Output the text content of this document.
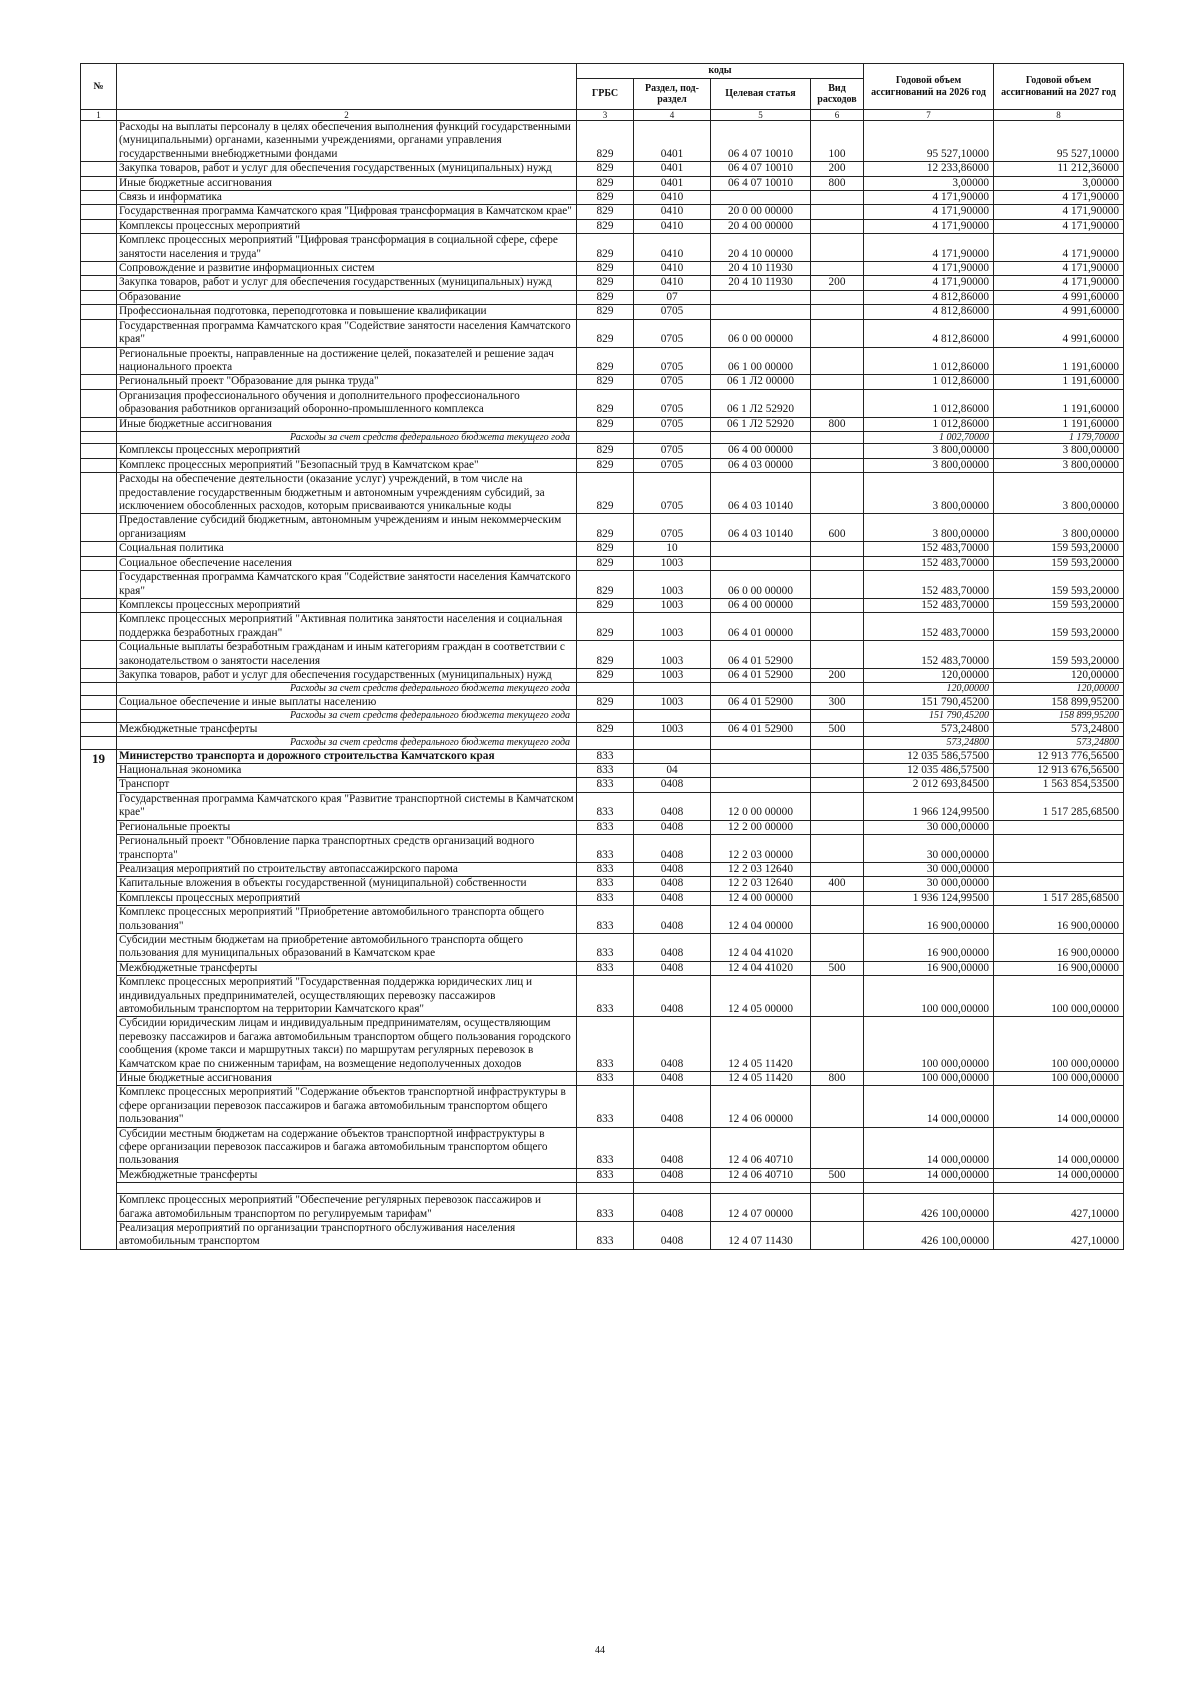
№		коды				Годовой объем ассигнований на 2026 год	Годовой объем ассигнований на 2027 год
		ГРБС	Раздел, под-раздел	Целевая статья	Вид расходов		
1	2	3	4	5	6	7	8
	Расходы на выплаты персоналу в целях обеспечения выполнения функций государственными (муниципальными) органами, казенными учреждениями, органами управления государственными внебюджетными фондами	829	0401	06 4 07 10010	100	95 527,10000	95 527,10000
	Закупка товаров, работ и услуг для обеспечения государственных (муниципальных) нужд	829	0401	06 4 07 10010	200	12 233,86000	11 212,36000
	Иные бюджетные ассигнования	829	0401	06 4 07 10010	800	3,00000	3,00000
	Связь и информатика	829	0410			4 171,90000	4 171,90000
	Государственная программа Камчатского края "Цифровая трансформация в Камчатском крае"	829	0410	20 0 00 00000		4 171,90000	4 171,90000
	Комплексы процессных мероприятий	829	0410	20 4 00 00000		4 171,90000	4 171,90000
	Комплекс процессных мероприятий "Цифровая трансформация в социальной сфере, сфере занятости населения и труда"	829	0410	20 4 10 00000		4 171,90000	4 171,90000
	Сопровождение и развитие информационных систем	829	0410	20 4 10 11930		4 171,90000	4 171,90000
	Закупка товаров, работ и услуг для обеспечения государственных (муниципальных) нужд	829	0410	20 4 10 11930	200	4 171,90000	4 171,90000
	Образование	829	07			4 812,86000	4 991,60000
	Профессиональная подготовка, переподготовка и повышение квалификации	829	0705			4 812,86000	4 991,60000
	Государственная программа Камчатского края "Содействие занятости населения Камчатского края"	829	0705	06 0 00 00000		4 812,86000	4 991,60000
	Региональные проекты, направленные на достижение целей, показателей и решение задач национального проекта	829	0705	06 1 00 00000		1 012,86000	1 191,60000
	Региональный проект "Образование для рынка труда"	829	0705	06 1 Л2 00000		1 012,86000	1 191,60000
	Организация профессионального обучения и дополнительного профессионального образования работников организаций оборонно-промышленного комплекса	829	0705	06 1 Л2 52920		1 012,86000	1 191,60000
	Иные бюджетные ассигнования	829	0705	06 1 Л2 52920	800	1 012,86000	1 191,60000
	Расходы за счет средств федерального бюджета текущего года					1 002,70000	1 179,70000
	Комплексы процессных мероприятий	829	0705	06 4 00 00000		3 800,00000	3 800,00000
	Комплекс процессных мероприятий "Безопасный труд в Камчатском крае"	829	0705	06 4 03 00000		3 800,00000	3 800,00000
	Расходы на обеспечение деятельности (оказание услуг) учреждений, в том числе на предоставление государственным бюджетным и автономным учреждениям субсидий, за исключением обособленных расходов, которым присваиваются уникальные коды	829	0705	06 4 03 10140		3 800,00000	3 800,00000
	Предоставление субсидий бюджетным, автономным учреждениям и иным некоммерческим организациям	829	0705	06 4 03 10140	600	3 800,00000	3 800,00000
	Социальная политика	829	10			152 483,70000	159 593,20000
	Социальное обеспечение населения	829	1003			152 483,70000	159 593,20000
	Государственная программа Камчатского края "Содействие занятости населения Камчатского края"	829	1003	06 0 00 00000		152 483,70000	159 593,20000
	Комплексы процессных мероприятий	829	1003	06 4 00 00000		152 483,70000	159 593,20000
	Комплекс процессных мероприятий "Активная политика занятости населения и социальная поддержка безработных граждан"	829	1003	06 4 01 00000		152 483,70000	159 593,20000
	Социальные выплаты безработным гражданам и иным категориям граждан в соответствии с законодательством о занятости населения	829	1003	06 4 01 52900		152 483,70000	159 593,20000
	Закупка товаров, работ и услуг для обеспечения государственных (муниципальных) нужд	829	1003	06 4 01 52900	200	120,00000	120,00000
	Расходы за счет средств федерального бюджета текущего года					120,00000	120,00000
	Социальное обеспечение и иные выплаты населению	829	1003	06 4 01 52900	300	151 790,45200	158 899,95200
	Расходы за счет средств федерального бюджета текущего года					151 790,45200	158 899,95200
	Межбюджетные трансферты	829	1003	06 4 01 52900	500	573,24800	573,24800
	Расходы за счет средств федерального бюджета текущего года					573,24800	573,24800
19	Министерство транспорта и дорожного строительства Камчатского края	833				12 035 586,57500	12 913 776,56500
	Национальная экономика	833	04			12 035 486,57500	12 913 676,56500
	Транспорт	833	0408			2 012 693,84500	1 563 854,53500
	Государственная программа Камчатского края "Развитие транспортной системы в Камчатском крае"	833	0408	12 0 00 00000		1 966 124,99500	1 517 285,68500
	Региональные проекты	833	0408	12 2 00 00000		30 000,00000	
	Региональный проект "Обновление парка транспортных средств организаций водного транспорта"	833	0408	12 2 03 00000		30 000,00000	
	Реализация мероприятий по строительству автопассажирского парома	833	0408	12 2 03 12640		30 000,00000	
	Капитальные вложения в объекты государственной (муниципальной) собственности	833	0408	12 2 03 12640	400	30 000,00000	
	Комплексы процессных мероприятий	833	0408	12 4 00 00000		1 936 124,99500	1 517 285,68500
	Комплекс процессных мероприятий "Приобретение автомобильного транспорта общего пользования"	833	0408	12 4 04 00000		16 900,00000	16 900,00000
	Субсидии местным бюджетам на приобретение автомобильного транспорта общего пользования для муниципальных образований в Камчатском крае	833	0408	12 4 04 41020		16 900,00000	16 900,00000
	Межбюджетные трансферты	833	0408	12 4 04 41020	500	16 900,00000	16 900,00000
	Комплекс процессных мероприятий "Государственная поддержка юридических лиц и индивидуальных предпринимателей, осуществляющих перевозку пассажиров автомобильным транспортом на территории Камчатского края"	833	0408	12 4 05 00000		100 000,00000	100 000,00000
	Субсидии юридическим лицам и индивидуальным предпринимателям, осуществляющим перевозку пассажиров и багажа автомобильным транспортом общего пользования городского сообщения (кроме такси и маршрутных такси) по маршрутам регулярных перевозок в Камчатском крае по сниженным тарифам, на возмещение недополученных доходов	833	0408	12 4 05 11420		100 000,00000	100 000,00000
	Иные бюджетные ассигнования	833	0408	12 4 05 11420	800	100 000,00000	100 000,00000
	Комплекс процессных мероприятий "Содержание объектов транспортной инфраструктуры в сфере организации перевозок пассажиров и багажа автомобильным транспортом общего пользования"	833	0408	12 4 06 00000		14 000,00000	14 000,00000
	Субсидии местным бюджетам на содержание объектов транспортной инфраструктуры в сфере организации перевозок пассажиров и багажа автомобильным транспортом общего пользования	833	0408	12 4 06 40710		14 000,00000	14 000,00000
	Межбюджетные трансферты	833	0408	12 4 06 40710	500	14 000,00000	14 000,00000

	Комплекс процессных мероприятий "Обеспечение регулярных перевозок пассажиров и багажа автомобильным транспортом по регулируемым тарифам"	833	0408	12 4 07 00000		426 100,00000	427,10000
	Реализация мероприятий по организации транспортного обслуживания населения автомобильным транспортом	833	0408	12 4 07 11430		426 100,00000	427,10000
44
